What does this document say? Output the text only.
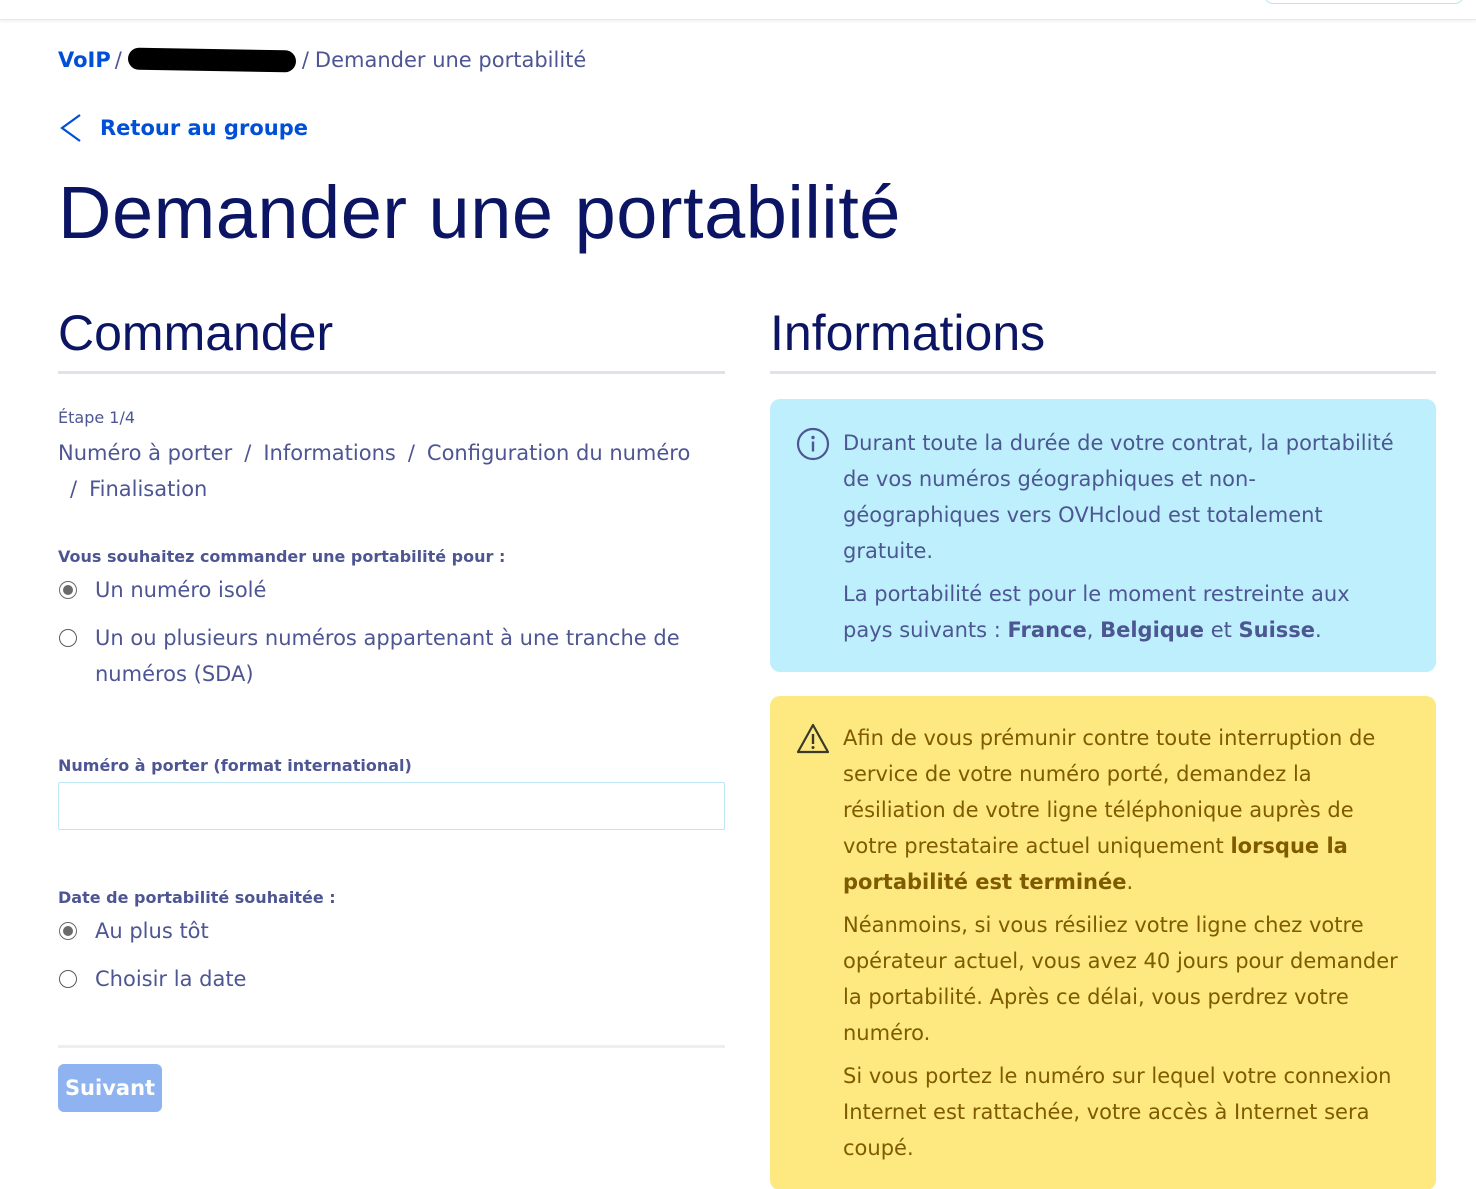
VoIP /	/ Demander une portabilité
Retour au groupe
Demander une portabilité
Commander
Étape 1/4
Numéro à porter / Informations / Configuration du numéro
/ Finalisation
Vous souhaitez commander une portabilité pour :
Un numéro isolé
Un ou plusieurs numéros appartenant à une tranche de numéros (SDA)
Numéro à porter (format international)
Date de portabilité souhaitée :
Au plus tôt
Choisir la date
Suivant
Informations

Durant toute la durée de votre contrat, la portabilité de vos numéros géographiques et non-géographiques vers OVHcloud est totalement gratuite.

La portabilité est pour le moment restreinte aux pays suivants : France, Belgique et Suisse.

Afin de vous prémunir contre toute interruption de service de votre numéro porté, demandez la résiliation de votre ligne téléphonique auprès de votre prestataire actuel uniquement lorsque la portabilité est terminée.

Néanmoins, si vous résiliez votre ligne chez votre opérateur actuel, vous avez 40 jours pour demander la portabilité. Après ce délai, vous perdrez votre numéro.

Si vous portez le numéro sur lequel votre connexion Internet est rattachée, votre accès à Internet sera coupé.
